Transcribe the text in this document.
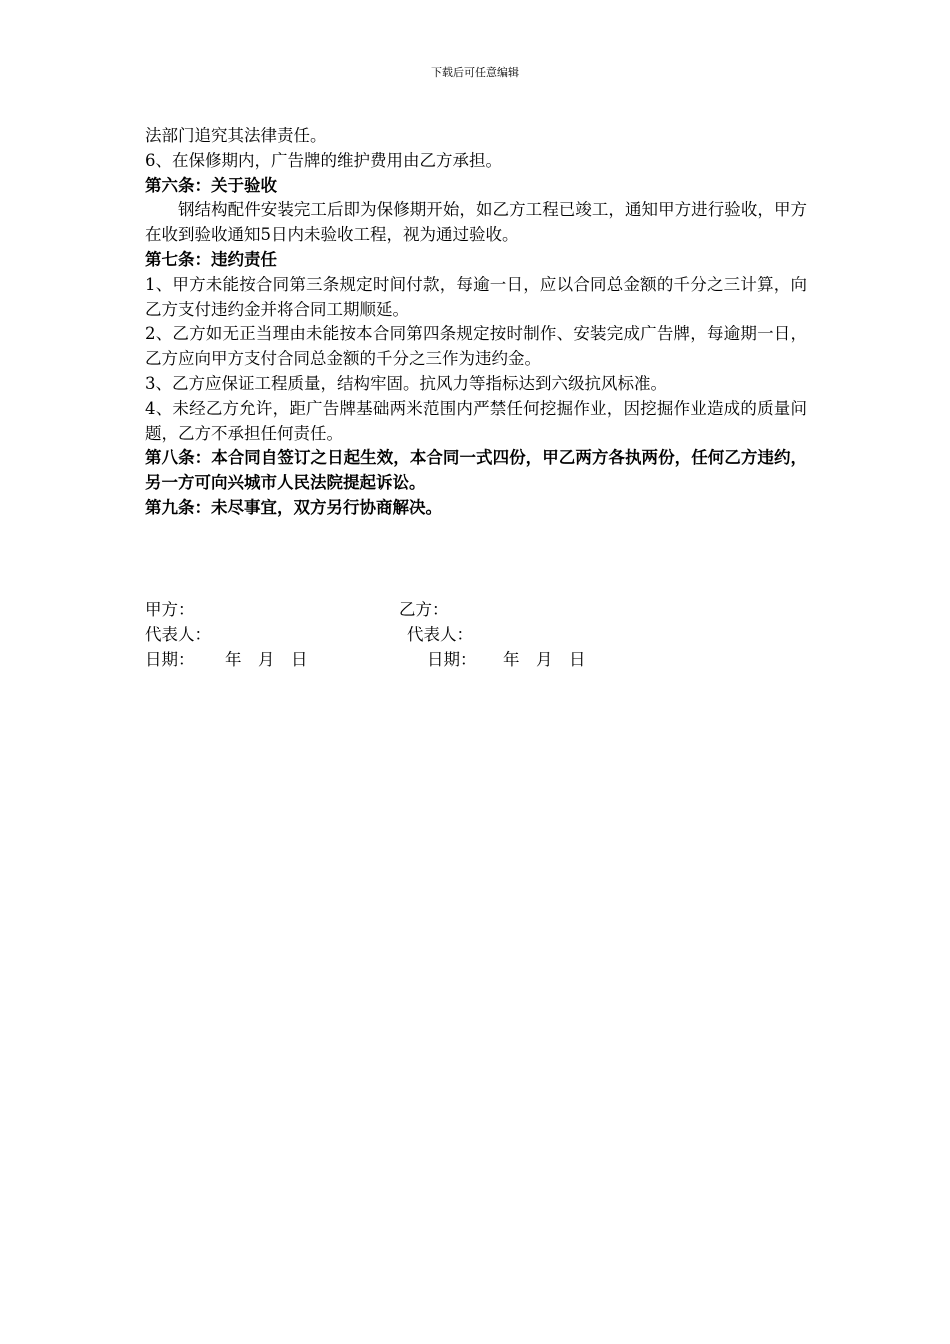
下载后可任意编辑

法部门追究其法律责任。

6、在保修期内，广告牌的维护费用由乙方承担。

第六条：关于验收

钢结构配件安装完工后即为保修期开始，如乙方工程已竣工，通知甲方进行验收，甲方在收到验收通知5日内未验收工程，视为通过验收。

第七条：违约责任

1、甲方未能按合同第三条规定时间付款，每逾一日，应以合同总金额的千分之三计算，向乙方支付违约金并将合同工期顺延。

2、乙方如无正当理由未能按本合同第四条规定按时制作、安装完成广告牌，每逾期一日，乙方应向甲方支付合同总金额的千分之三作为违约金。

3、乙方应保证工程质量，结构牢固。抗风力等指标达到六级抗风标准。

4、未经乙方允许，距广告牌基础两米范围内严禁任何挖掘作业，因挖掘作业造成的质量问题，乙方不承担任何责任。

第八条：本合同自签订之日起生效，本合同一式四份，甲乙两方各执两份，任何乙方违约，另一方可向兴城市人民法院提起诉讼。

第九条：未尽事宜，双方另行协商解决。

甲方：	乙方：
代表人：	代表人：
日期： 年　月　日	日期： 年　月　日
